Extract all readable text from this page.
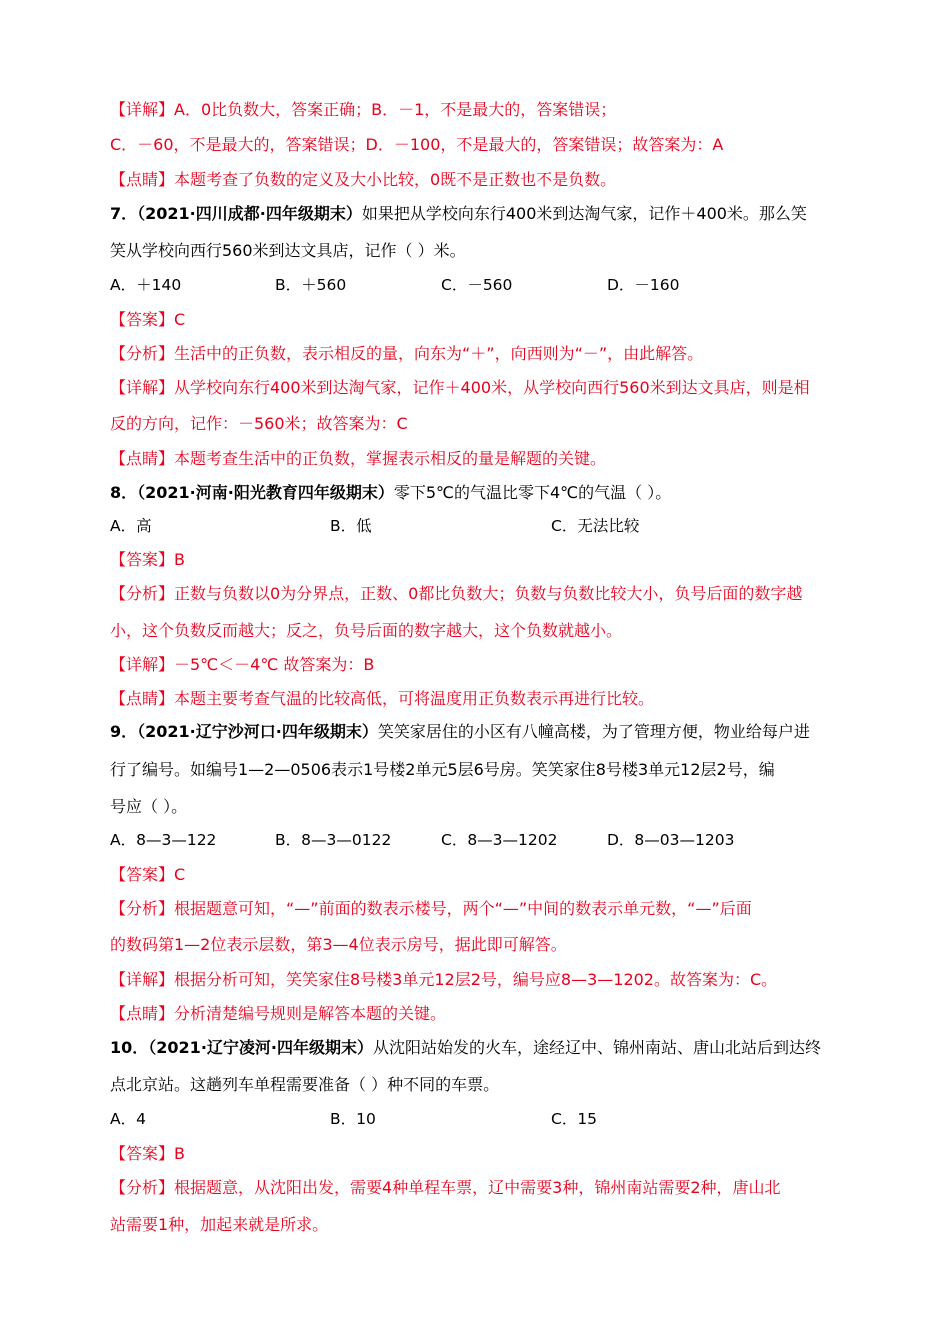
【详解】A．0比负数大，答案正确；B．－1，不是最大的，答案错误；
C．－60，不是最大的，答案错误；D．－100，不是最大的，答案错误；故答案为：A
【点睛】本题考查了负数的定义及大小比较，0既不是正数也不是负数。
7．（2021·四川成都·四年级期末）如果把从学校向东行400米到达淘气家，记作＋400米。那么笑
笑从学校向西行560米到达文具店，记作（ ）米。
A．＋140	B．＋560	C．－560	D．－160
【答案】C
【分析】生活中的正负数，表示相反的量，向东为“＋”，向西则为“－”，由此解答。
【详解】从学校向东行400米到达淘气家，记作＋400米，从学校向西行560米到达文具店，则是相
反的方向，记作：－560米；故答案为：C
【点睛】本题考查生活中的正负数，掌握表示相反的量是解题的关键。
8．（2021·河南·阳光教育四年级期末）零下5℃的气温比零下4℃的气温（ ）。
A．高	B．低	C．无法比较
【答案】B
【分析】正数与负数以0为分界点，正数、0都比负数大；负数与负数比较大小，负号后面的数字越
小，这个负数反而越大；反之，负号后面的数字越大，这个负数就越小。
【详解】－5℃＜－4℃ 故答案为：B
【点睛】本题主要考查气温的比较高低，可将温度用正负数表示再进行比较。
9．（2021·辽宁沙河口·四年级期末）笑笑家居住的小区有八幢高楼，为了管理方便，物业给每户进
行了编号。如编号1—2—0506表示1号楼2单元5层6号房。笑笑家住8号楼3单元12层2号，编
号应（ ）。
A．8—3—122	B．8—3—0122	C．8—3—1202	D．8—03—1203
【答案】C
【分析】根据题意可知，“—”前面的数表示楼号，两个“—”中间的数表示单元数，“—”后面
的数码第1—2位表示层数，第3—4位表示房号，据此即可解答。
【详解】根据分析可知，笑笑家住8号楼3单元12层2号，编号应8—3—1202。故答案为：C。
【点睛】分析清楚编号规则是解答本题的关键。
10．（2021·辽宁凌河·四年级期末）从沈阳站始发的火车，途经辽中、锦州南站、唐山北站后到达终
点北京站。这趟列车单程需要准备（ ）种不同的车票。
A．4	B．10	C．15
【答案】B
【分析】根据题意，从沈阳出发，需要4种单程车票，辽中需要3种，锦州南站需要2种，唐山北
站需要1种，加起来就是所求。
